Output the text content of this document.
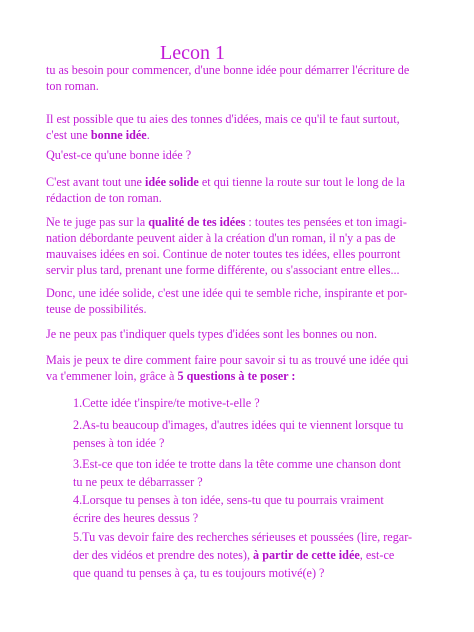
Lecon 1

tu as besoin pour commencer, d'une bonne idée pour démarrer l'écriture de
ton roman.

Il est possible que tu aies des tonnes d'idées, mais ce qu'il te faut surtout,
c'est une bonne idée.

Qu'est-ce qu'une bonne idée ?

C'est avant tout une idée solide et qui tienne la route sur tout le long de la
rédaction de ton roman.

Ne te juge pas sur la qualité de tes idées : toutes tes pensées et ton imagi-
nation débordante peuvent aider à la création d'un roman, il n'y a pas de
mauvaises idées en soi. Continue de noter toutes tes idées, elles pourront
servir plus tard, prenant une forme différente, ou s'associant entre elles...

Donc, une idée solide, c'est une idée qui te semble riche, inspirante et por-
teuse de possibilités.

Je ne peux pas t'indiquer quels types d'idées sont les bonnes ou non.

Mais je peux te dire comment faire pour savoir si tu as trouvé une idée qui
va t'emmener loin, grâce à 5 questions à te poser :

1.Cette idée t'inspire/te motive-t-elle ?
2.As-tu beaucoup d'images, d'autres idées qui te viennent lorsque tu
penses à ton idée ?
3.Est-ce que ton idée te trotte dans la tête comme une chanson dont
tu ne peux te débarrasser ?
4.Lorsque tu penses à ton idée, sens-tu que tu pourrais vraiment
écrire des heures dessus ?
5.Tu vas devoir faire des recherches sérieuses et poussées (lire, regar-
der des vidéos et prendre des notes), à partir de cette idée, est-ce
que quand tu penses à ça, tu es toujours motivé(e) ?
